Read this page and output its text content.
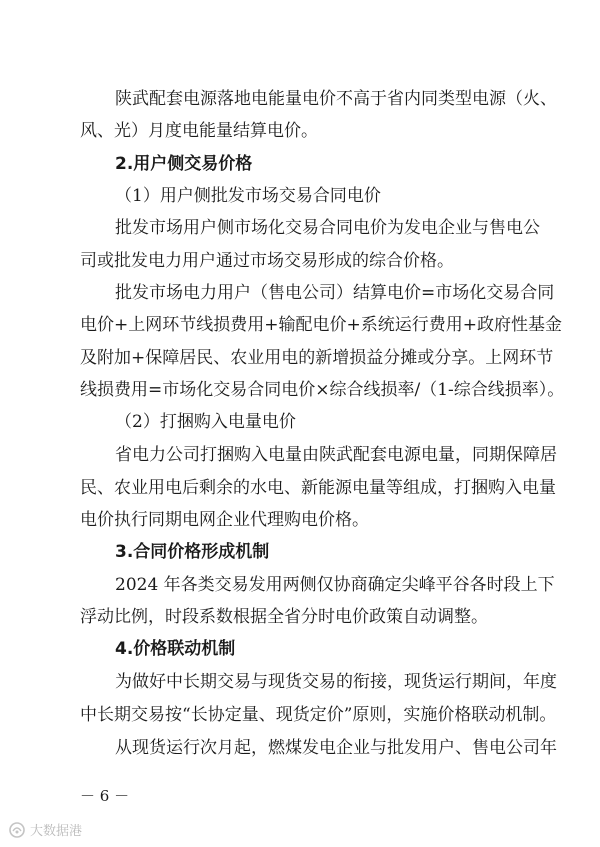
陕武配套电源落地电能量电价不高于省内同类型电源（火、
风、光）月度电能量结算电价。
2.用户侧交易价格
（1）用户侧批发市场交易合同电价
批发市场用户侧市场化交易合同电价为发电企业与售电公
司或批发电力用户通过市场交易形成的综合价格。
批发市场电力用户（售电公司）结算电价=市场化交易合同
电价+上网环节线损费用+输配电价+系统运行费用+政府性基金
及附加+保障居民、农业用电的新增损益分摊或分享。上网环节
线损费用=市场化交易合同电价×综合线损率/（1-综合线损率）。
（2）打捆购入电量电价
省电力公司打捆购入电量由陕武配套电源电量，同期保障居
民、农业用电后剩余的水电、新能源电量等组成，打捆购入电量
电价执行同期电网企业代理购电价格。
3.合同价格形成机制
2024 年各类交易发用两侧仅协商确定尖峰平谷各时段上下
浮动比例，时段系数根据全省分时电价政策自动调整。
4.价格联动机制
为做好中长期交易与现货交易的衔接，现货运行期间，年度
中长期交易按“长协定量、现货定价”原则，实施价格联动机制。
从现货运行次月起，燃煤发电企业与批发用户、售电公司年
－ 6 －
大数据港
